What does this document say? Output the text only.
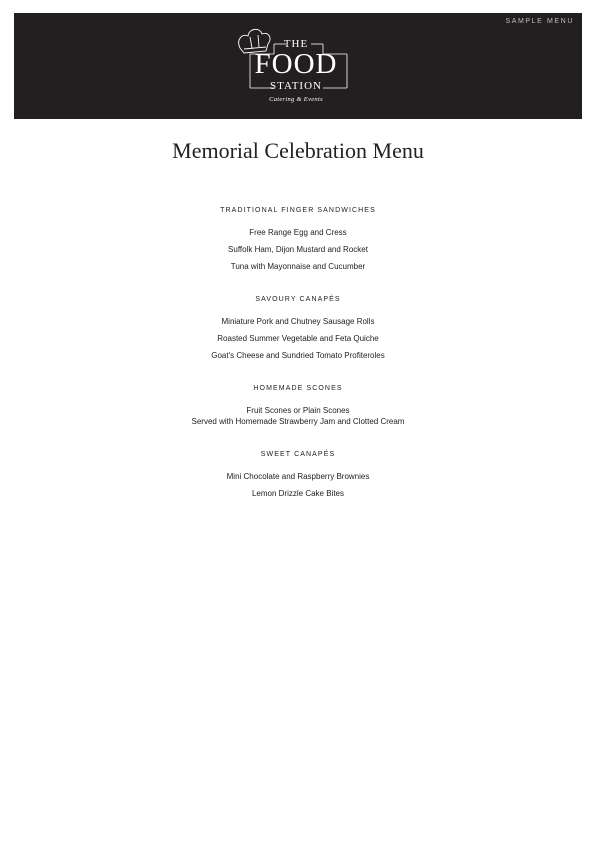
SAMPLE MENU
THE
FOOD
STATION
Catering & Events
Memorial Celebration Menu
TRADITIONAL FINGER SANDWICHES
Free Range Egg and Cress
Suffolk Ham, Dijon Mustard and Rocket
Tuna with Mayonnaise and Cucumber
SAVOURY CANAPÉS
Miniature Pork and Chutney Sausage Rolls
Roasted Summer Vegetable and Feta Quiche
Goat's Cheese and Sundried Tomato Profiteroles
HOMEMADE SCONES
Fruit Scones or Plain Scones
Served with Homemade Strawberry Jam and Clotted Cream
SWEET CANAPÉS
Mini Chocolate and Raspberry Brownies
Lemon Drizzle Cake Bites
